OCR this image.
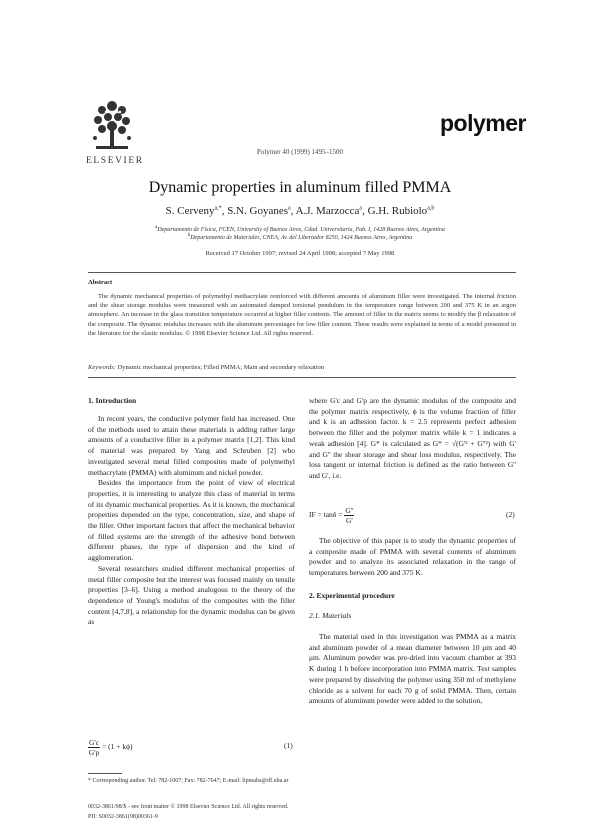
ELSEVIER
Polymer 40 (1999) 1495–1500
polymer
Dynamic properties in aluminum filled PMMA
S. Cerveny$^{a,*}$, S.N. Goyanes$^a$, A.J. Marzocca$^a$, G.H. Rubiolo$^{a,b}$
$^a$Departamento de Física, FCEN, University of Buenos Aires, Cdad. Universitaria, Pab. I, 1428 Buenos Aires, Argentina
$^b$Departamento de Materiales, CNEA, Av. del Libertador 8250, 1424 Buenos Aires, Argentina
Received 17 October 1997; revised 24 April 1998; accepted 7 May 1998
Abstract
The dynamic mechanical properties of polymethyl methacrylate reinforced with different amounts of aluminum filler were investigated. The internal friction and the shear storage modulus were measured with an automated damped torsional pendulum in the temperature range between 200 and 375 K in an argon atmosphere. An increase in the glass transition temperature occurred at higher filler contents. The amount of filler in the matrix seems to modify the β relaxation of the composite. The dynamic modulus increases with the aluminum percentages for low filler content. These results were explained in terms of a model presented in the literature for the elastic modulus. © 1998 Elsevier Science Ltd. All rights reserved.
Keywords: Dynamic mechanical properties; Filled PMMA; Main and secondary relaxation
1. Introduction

In recent years, the conductive polymer field has increased. One of the methods used to attain these materials is adding rather large amounts of a conductive filler in a polymer matrix [1,2]. This kind of material was prepared by Yang and Schruben [2] who investigated several metal filled composites made of polymethyl methacrylate (PMMA) with aluminum and nickel powder.

Besides the importance from the point of view of electrical properties, it is interesting to analyze this class of material in terms of its dynamic mechanical properties. As it is known, the mechanical properties depended on the type, concentration, size, and shape of the filler. Other important factors that affect the mechanical behavior of filled systems are the strength of the adhesive bond between different phases, the type of dispersion and the kind of agglomeration.

Several researchers studied different mechanical properties of metal filler composite but the interest was focused mainly on tensile properties [3–6]. Using a method analogous to the theory of the dependence of Young's modulus of the composites with the filler content [4,7,8], a relationship for the dynamic modulus can be given as

$\frac{G'c}{G'p} = (1 + k\phi)$	(1)
* Corresponding author. Tel: 782-1007; Fax: 782-7647; E-mail: lipmaba@df.uba.ar
0032-3861/98/$ - see front matter © 1998 Elsevier Science Ltd. All rights reserved.
PII: S0032-3861(98)00361-9

where G'c and G'p are the dynamic modulus of the composite and the polymer matrix respectively, ϕ is the volume fraction of filler and k is an adhesion factor. k = 2.5 represents perfect adhesion between the filler and the polymer matrix while k = 1 indicates a weak adhesion [4]. G* is calculated as G* = √(G'² + G''²) with G' and G'' the shear storage and shear loss modulus, respectively. The loss tangent or internal friction is defined as the ratio between G'' and G', i.e.

IF = $\tan\delta = \frac{G''}{G'}$	(2)

The objective of this paper is to study the dynamic properties of a composite made of PMMA with several contents of aluminum powder and to analyze its associated relaxation in the range of temperatures between 200 and 375 K.

2. Experimental procedure
2.1. Materials

The material used in this investigation was PMMA as a matrix and aluminum powder of a mean diameter between 10 μm and 40 μm. Aluminum powder was pre-dried into vacuum chamber at 393 K during 1 h before incorporation into PMMA matrix. Test samples were prepared by dissolving the polymer using 350 ml of methylene chloride as a solvent for each 70 g of solid PMMA. Then, certain amounts of aluminum powder were added to the solution,
